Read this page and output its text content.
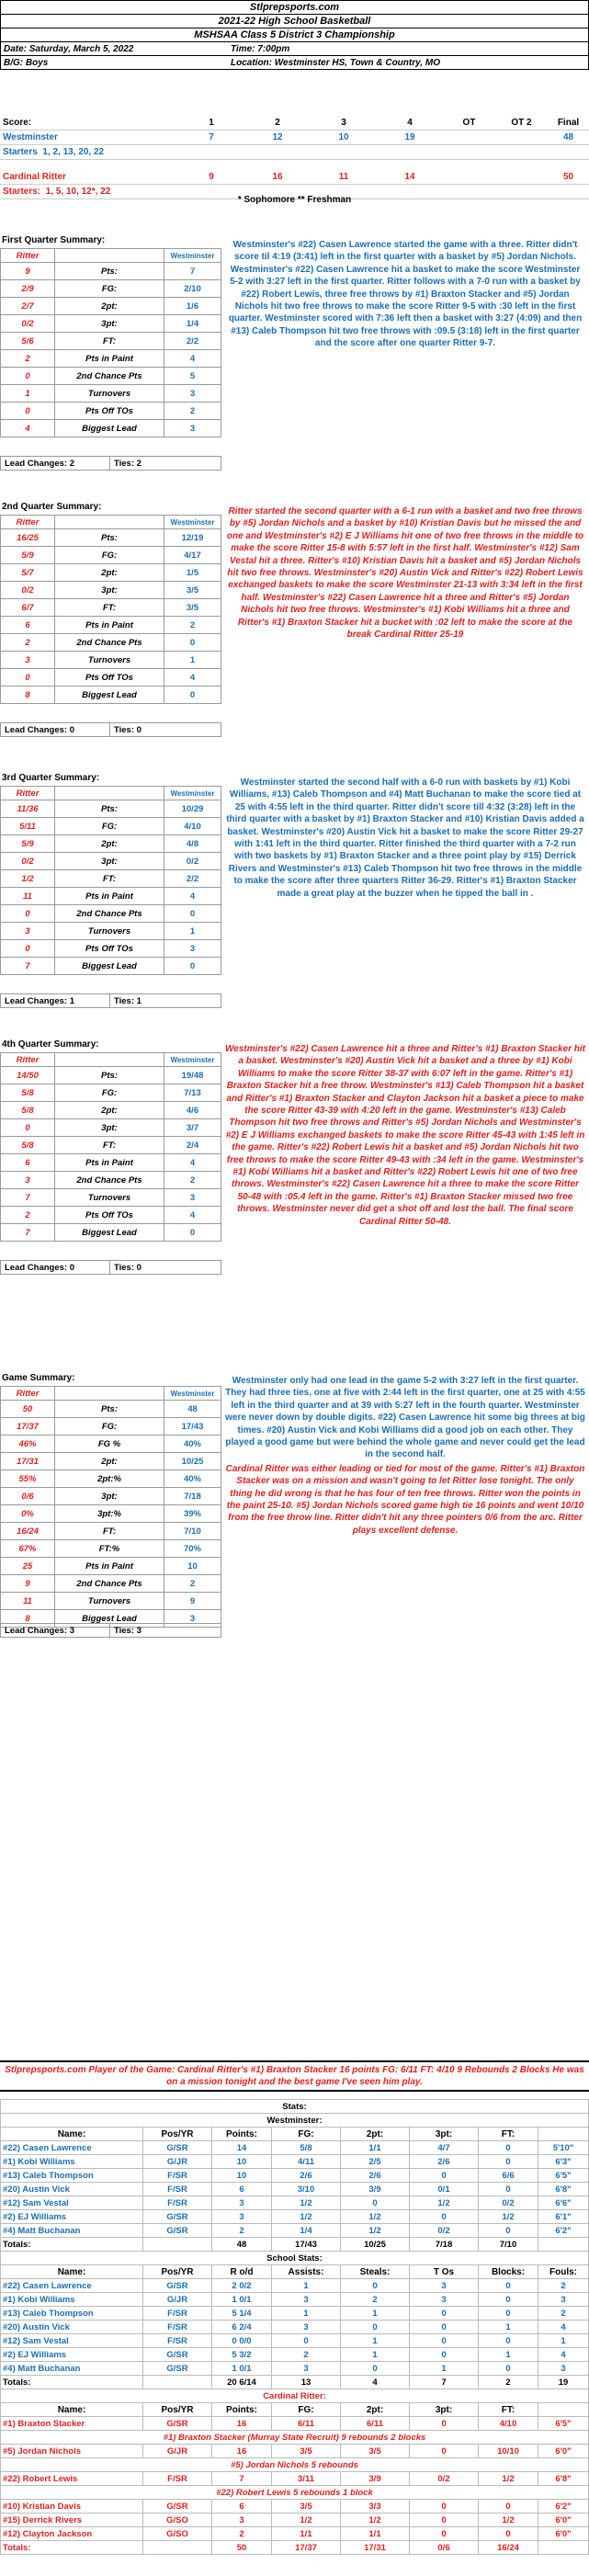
Stlprepsports.com	
2021-22 High School Basketball	
MSHSAA Class 5 District 3 Championship	
Date: Saturday, March 5, 2022	Time: 7:00pm
B/G: Boys	Location: Westminster HS, Town & Country, MO
Score:	1	2	3	4	OT	OT 2	Final
Westminster	7	12	10	19			48
Starters 1, 2, 13, 20, 22							

Cardinal Ritter	9	16	11	14			50
Starters: 1, 5, 10, 12*, 22							
* Sophomore ** Freshman
First Quarter Summary:
Ritter		Westminster
9	Pts:	7
2/9	FG:	2/10
2/7	2pt:	1/6
0/2	3pt:	1/4
5/6	FT:	2/2
2	Pts in Paint	4
0	2nd Chance Pts	5
1	Turnovers	3
0	Pts Off TOs	2
4	Biggest Lead	3
Lead Changes: 2	Ties: 2
Westminster's #22) Casen Lawrence started the game with a three. Ritter didn't score til 4:19 (3:41) left in the first quarter with a basket by #5) Jordan Nichols. Westminster's #22) Casen Lawrence hit a basket to make the score Westminster 5-2 with 3:27 left in the first quarter. Ritter follows with a 7-0 run with a basket by #22) Robert Lewis, three free throws by #1) Braxton Stacker and #5) Jordan Nichols hit two free throws to make the score Ritter 9-5 with :30 left in the first quarter. Westminster scored with 7:36 left then a basket with 3:27 (4:09) and then #13) Caleb Thompson hit two free throws with :09.5 (3:18) left in the first quarter and the score after one quarter Ritter 9-7.
2nd Quarter Summary:
Ritter		Westminster
16/25	Pts:	12/19
5/9	FG:	4/17
5/7	2pt:	1/5
0/2	3pt:	3/5
6/7	FT:	3/5
6	Pts in Paint	2
2	2nd Chance Pts	0
3	Turnovers	1
0	Pts Off TOs	4
8	Biggest Lead	0
Lead Changes: 0	Ties: 0
Ritter started the second quarter with a 6-1 run with a basket and two free throws by #5) Jordan Nichols and a basket by #10) Kristian Davis but he missed the and one and Westminster's #2) E J Williams hit one of two free throws in the middle to make the score Ritter 15-8 with 5:57 left in the first half. Westminster's #12) Sam Vestal hit a three. Ritter's #10) Kristian Davis hit a basket and #5) Jordan Nichols hit two free throws. Westminster's #20) Austin Vick and Ritter's #22) Robert Lewis exchanged baskets to make the score Westminster 21-13 with 3:34 left in the first half. Westminster's #22) Casen Lawrence hit a three and Ritter's #5) Jordan Nichols hit two free throws. Westminster's #1) Kobi Williams hit a three and Ritter's #1) Braxton Stacker hit a bucket with :02 left to make the score at the break Cardinal Ritter 25-19
3rd Quarter Summary:
Ritter		Westminster
11/36	Pts:	10/29
5/11	FG:	4/10
5/9	2pt:	4/8
0/2	3pt:	0/2
1/2	FT:	2/2
11	Pts in Paint	4
0	2nd Chance Pts	0
3	Turnovers	1
0	Pts Off TOs	3
7	Biggest Lead	0
Lead Changes: 1	Ties: 1
Westminster started the second half with a 6-0 run with baskets by #1) Kobi Williams, #13) Caleb Thompson and #4) Matt Buchanan to make the score tied at 25 with 4:55 left in the third quarter. Ritter didn't score till 4:32 (3:28) left in the third quarter with a basket by #1) Braxton Stacker and #10) Kristian Davis added a basket. Westminster's #20) Austin Vick hit a basket to make the score Ritter 29-27 with 1:41 left in the third quarter. Ritter finished the third quarter with a 7-2 run with two baskets by #1) Braxton Stacker and a three point play by #15) Derrick Rivers and Westminster's #13) Caleb Thompson hit two free throws in the middle to make the score after three quarters Ritter 36-29. Ritter's #1) Braxton Stacker made a great play at the buzzer when he tipped the ball in .
4th Quarter Summary:
Ritter		Westminster
14/50	Pts:	19/48
5/8	FG:	7/13
5/8	2pt:	4/6
0	3pt:	3/7
5/8	FT:	2/4
6	Pts in Paint	4
3	2nd Chance Pts	2
7	Turnovers	3
2	Pts Off TOs	4
7	Biggest Lead	0
Lead Changes: 0	Ties: 0
Westminster's #22) Casen Lawrence hit a three and Ritter's #1) Braxton Stacker hit a basket. Westminster's #20) Austin Vick hit a basket and a three by #1) Kobi Williams to make the score Ritter 38-37 with 6:07 left in the game. Ritter's #1) Braxton Stacker hit a free throw. Westminster's #13) Caleb Thompson hit a basket and Ritter's #1) Braxton Stacker and Clayton Jackson hit a basket a piece to make the score Ritter 43-39 with 4:20 left in the game. Westminster's #13) Caleb Thompson hit two free throws and Ritter's #5) Jordan Nichols and Westminster's #2) E J Williams exchanged baskets to make the score Ritter 45-43 with 1:45 left in the game. Ritter's #22) Robert Lewis hit a basket and #5) Jordan Nichols hit two free throws to make the score Ritter 49-43 with :34 left in the game. Westminster's #1) Kobi Williams hit a basket and Ritter's #22) Robert Lewis hit one of two free throws. Westminster's #22) Casen Lawrence hit a three to make the score Ritter 50-48 with :05.4 left in the game. Ritter's #1) Braxton Stacker missed two free throws. Westminster never did get a shot off and lost the ball. The final score Cardinal Ritter 50-48.
Game Summary:
Ritter		Westminster
50	Pts:	48
17/37	FG:	17/43
46%	FG %	40%
17/31	2pt:	10/25
55%	2pt:%	40%
0/6	3pt:	7/18
0%	3pt:%	39%
16/24	FT:	7/10
67%	FT:%	70%
25	Pts in Paint	10
9	2nd Chance Pts	2
11	Turnovers	9
8	Biggest Lead	3
Lead Changes: 3	Ties: 3
Westminster only had one lead in the game 5-2 with 3:27 left in the first quarter. They had three ties, one at five with 2:44 left in the first quarter, one at 25 with 4:55 left in the third quarter and at 39 with 5:27 left in the fourth quarter. Westminster were never down by double digits. #22) Casen Lawrence hit some big threes at big times. #20) Austin Vick and Kobi Williams did a good job on each other. They played a good game but were behind the whole game and never could get the lead in the second half.
Cardinal Ritter was either leading or tied for most of the game. Ritter's #1) Braxton Stacker was on a mission and wasn't going to let Ritter lose tonight. The only thing he did wrong is that he has four of ten free throws. Ritter won the points in the paint 25-10. #5) Jordan Nichols scored game high tie 16 points and went 10/10 from the free throw line. Ritter didn't hit any three pointers 0/6 from the arc. Ritter plays excellent defense.
Stlprepsports.com Player of the Game: Cardinal Ritter's #1) Braxton Stacker 16 points FG: 6/11 FT: 4/10 9 Rebounds 2 Blocks He was on a mission tonight and the best game I've seen him play.
Stats:							
Westminster:							
Name:	Pos/YR	Points:	FG:	2pt:	3pt:	FT:	
#22) Casen Lawrence	G/SR	14	5/8	1/1	4/7	0	5'10"
#1) Kobi Williams	G/JR	10	4/11	2/5	2/6	0	6'3"
#13) Caleb Thompson	F/SR	10	2/6	2/6	0	6/6	6'5"
#20) Austin Vick	F/SR	6	3/10	3/9	0/1	0	6'8"
#12) Sam Vestal	F/SR	3	1/2	0	1/2	0/2	6'6"
#2) EJ Williams	G/SR	3	1/2	1/2	0	1/2	6'1"
#4) Matt Buchanan	G/SR	2	1/4	1/2	0/2	0	6'2"
Totals:		48	17/43	10/25	7/18	7/10	
School Stats:							
Name:	Pos/YR	R o/d	Assists:	Steals:	T Os	Blocks:	Fouls:
#22) Casen Lawrence	G/SR	2 0/2	1	0	3	0	2
#1) Kobi Williams	G/JR	1 0/1	3	2	3	0	3
#13) Caleb Thompson	F/SR	5 1/4	1	1	0	0	2
#20) Austin Vick	F/SR	6 2/4	3	0	0	1	4
#12) Sam Vestal	F/SR	0 0/0	0	1	0	0	1
#2) EJ Williams	G/SR	5 3/2	2	1	0	1	4
#4) Matt Buchanan	G/SR	1 0/1	3	0	1	0	3
Totals:		20 6/14	13	4	7	2	19
Cardinal Ritter:							
Name:	Pos/YR	Points:	FG:	2pt:	3pt:	FT:	
#1) Braxton Stacker	G/SR	16	6/11	6/11	0	4/10	6'5"
#1) Braxton Stacker (Murray State Recruit) 9 rebounds 2 blocks							
#5) Jordan Nichols	G/JR	16	3/5	3/5	0	10/10	6'0"
#5) Jordan Nichols 5 rebounds							
#22) Robert Lewis	F/SR	7	3/11	3/9	0/2	1/2	6'8"
#22) Robert Lewis 5 rebounds 1 block							
#10) Kristian Davis	G/SR	6	3/5	3/3	0	0	6'2"
#15) Derrick Rivers	G/SO	3	1/2	1/2	0	1/2	6'0"
#12) Clayton Jackson	G/SO	2	1/1	1/1	0	0	6'0"
Totals:		50	17/37	17/31	0/6	16/24	
